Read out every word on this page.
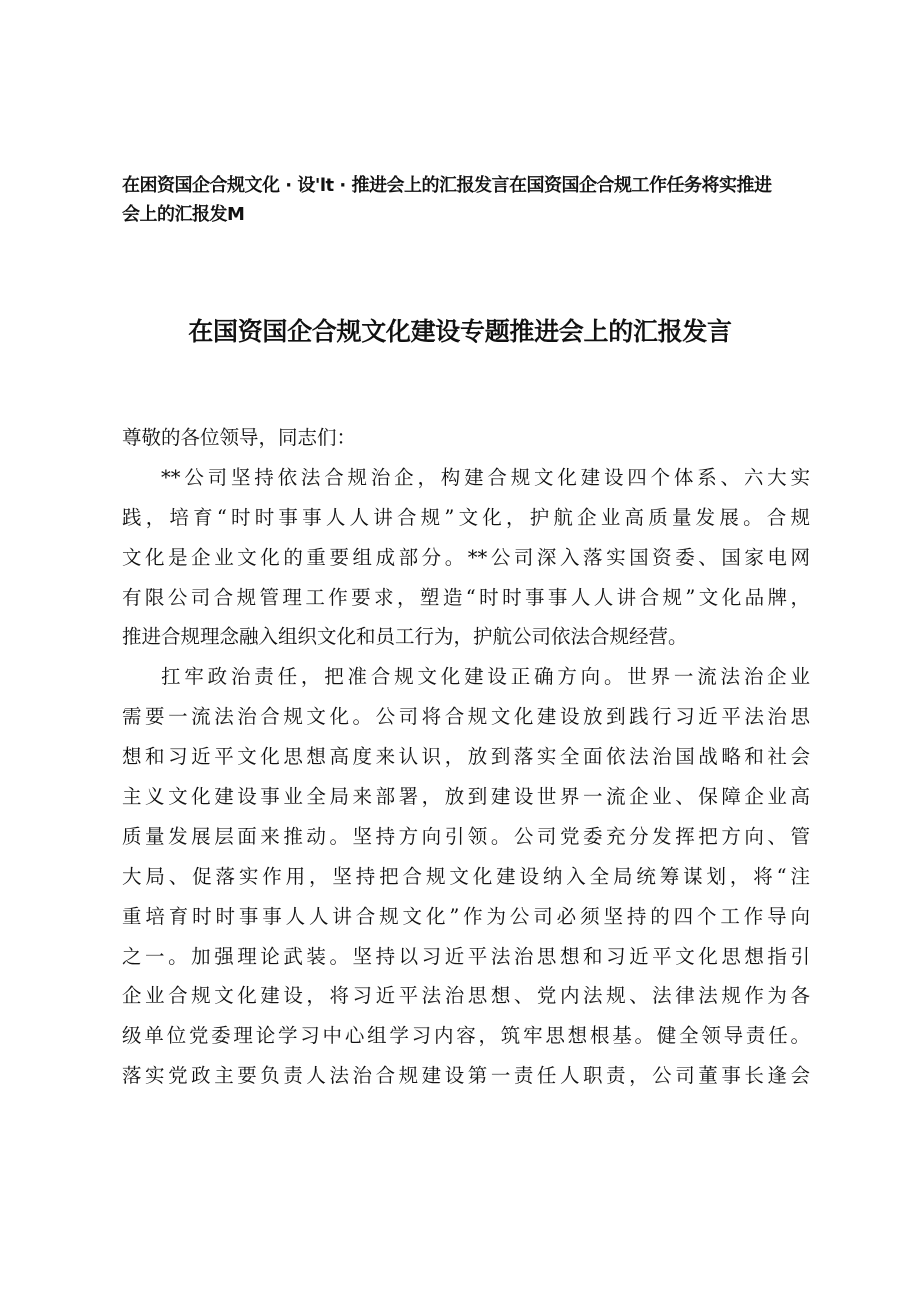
在困资国企合规文化 · 设'lt · 推进会上的汇报发言在国资国企合规工作任务将实推进
会上的汇报发M
在国资国企合规文化建设专题推进会上的汇报发言
尊敬的各位领导，同志们：
**公司坚持依法合规治企，构建合规文化建设四个体系、六大实
践，培育“时时事事人人讲合规”文化，护航企业高质量发展。合规
文化是企业文化的重要组成部分。**公司深入落实国资委、国家电网
有限公司合规管理工作要求，塑造“时时事事人人讲合规”文化品牌，
推进合规理念融入组织文化和员工行为，护航公司依法合规经营。
扛牢政治责任，把准合规文化建设正确方向。世界一流法治企业
需要一流法治合规文化。公司将合规文化建设放到践行习近平法治思
想和习近平文化思想高度来认识，放到落实全面依法治国战略和社会
主义文化建设事业全局来部署，放到建设世界一流企业、保障企业高
质量发展层面来推动。坚持方向引领。公司党委充分发挥把方向、管
大局、促落实作用，坚持把合规文化建设纳入全局统筹谋划，将“注
重培育时时事事人人讲合规文化”作为公司必须坚持的四个工作导向
之一。加强理论武装。坚持以习近平法治思想和习近平文化思想指引
企业合规文化建设，将习近平法治思想、党内法规、法律法规作为各
级单位党委理论学习中心组学习内容，筑牢思想根基。健全领导责任。
落实党政主要负责人法治合规建设第一责任人职责，公司董事长逢会
